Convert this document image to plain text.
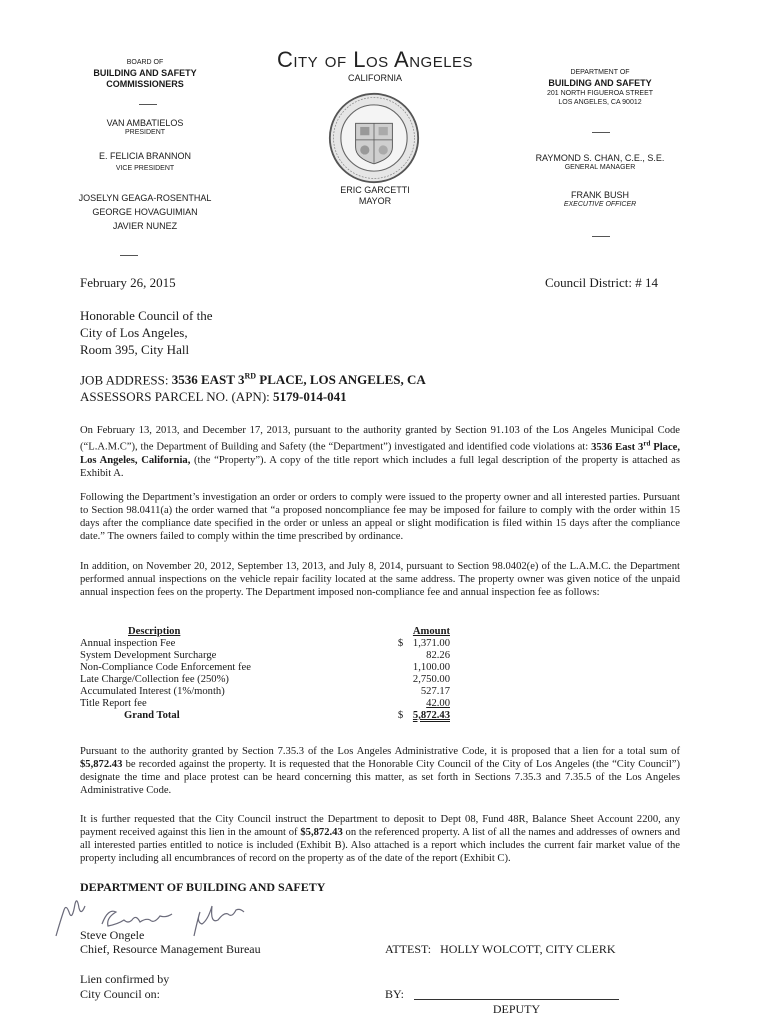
BOARD OF
BUILDING AND SAFETY
COMMISSIONERS
VAN AMBATIELOS
PRESIDENT
E. FELICIA BRANNON
VICE PRESIDENT
JOSELYN GEAGA-ROSENTHAL
GEORGE HOVAGUIMIAN
JAVIER NUNEZ
City of Los Angeles
CALIFORNIA
ERIC GARCETTI
MAYOR
DEPARTMENT OF
BUILDING AND SAFETY
201 NORTH FIGUEROA STREET
LOS ANGELES, CA 90012
RAYMOND S. CHAN, C.E., S.E.
GENERAL MANAGER
FRANK BUSH
EXECUTIVE OFFICER
February 26, 2015	Council District: # 14
Honorable Council of the
City of Los Angeles,
Room 395, City Hall
JOB ADDRESS: 3536 EAST 3RD PLACE, LOS ANGELES, CA
ASSESSORS PARCEL NO. (APN): 5179-014-041

On February 13, 2013, and December 17, 2013, pursuant to the authority granted by Section 91.103 of the Los Angeles Municipal Code (“L.A.M.C”), the Department of Building and Safety (the “Department”) investigated and identified code violations at: 3536 East 3rd Place, Los Angeles, California, (the “Property”). A copy of the title report which includes a full legal description of the property is attached as Exhibit A.

Following the Department’s investigation an order or orders to comply were issued to the property owner and all interested parties. Pursuant to Section 98.0411(a) the order warned that “a proposed noncompliance fee may be imposed for failure to comply with the order within 15 days after the compliance date specified in the order or unless an appeal or slight modification is filed within 15 days after the compliance date.” The owners failed to comply within the time prescribed by ordinance.

In addition, on November 20, 2012, September 13, 2013, and July 8, 2014, pursuant to Section 98.0402(e) of the L.A.M.C. the Department performed annual inspections on the vehicle repair facility located at the same address. The property owner was given notice of the unpaid annual inspection fees on the property. The Department imposed non-compliance fee and annual inspection fee as follows:

Description		Amount
Annual inspection Fee	$	1,371.00
System Development Surcharge		82.26
Non-Compliance Code Enforcement fee		1,100.00
Late Charge/Collection fee (250%)		2,750.00
Accumulated Interest (1%/month)		527.17
Title Report fee		42.00
Grand Total	$	5,872.43

Pursuant to the authority granted by Section 7.35.3 of the Los Angeles Administrative Code, it is proposed that a lien for a total sum of $5,872.43 be recorded against the property. It is requested that the Honorable City Council of the City of Los Angeles (the “City Council”) designate the time and place protest can be heard concerning this matter, as set forth in Sections 7.35.3 and 7.35.5 of the Los Angeles Administrative Code.

It is further requested that the City Council instruct the Department to deposit to Dept 08, Fund 48R, Balance Sheet Account 2200, any payment received against this lien in the amount of $5,872.43 on the referenced property. A list of all the names and addresses of owners and all interested parties entitled to notice is included (Exhibit B). Also attached is a report which includes the current fair market value of the property including all encumbrances of record on the property as of the date of the report (Exhibit C).

DEPARTMENT OF BUILDING AND SAFETY
Steve Ongele
Chief, Resource Management Bureau	ATTEST:   HOLLY WOLCOTT, CITY CLERK
Lien confirmed by
City Council on:	BY:
DEPUTY
